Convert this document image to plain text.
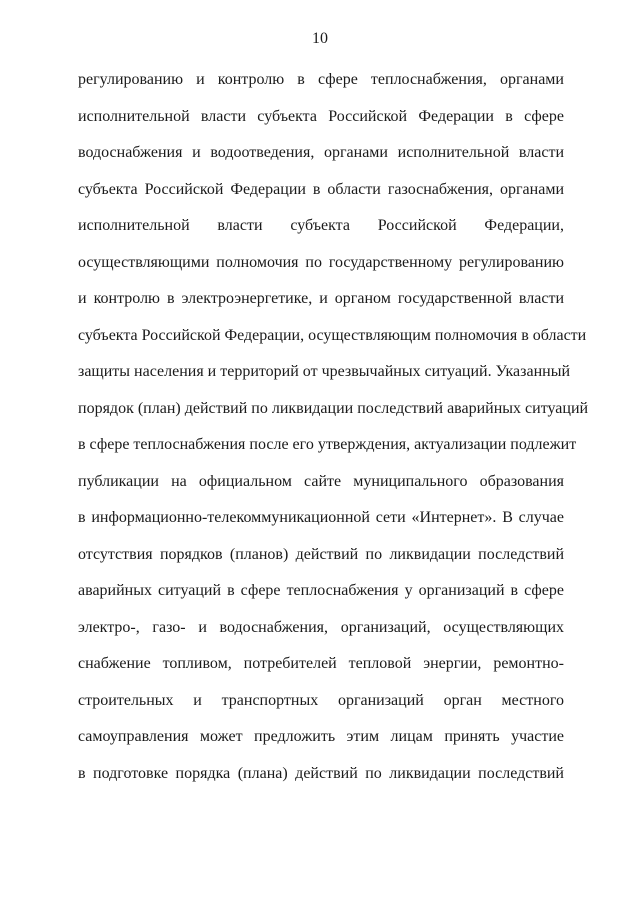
10
регулированию и контролю в сфере теплоснабжения, органами
исполнительной власти субъекта Российской Федерации в сфере
водоснабжения и водоотведения, органами исполнительной власти
субъекта Российской Федерации в области газоснабжения, органами
исполнительной власти субъекта Российской Федерации,
осуществляющими полномочия по государственному регулированию
и контролю в электроэнергетике, и органом государственной власти
субъекта Российской Федерации, осуществляющим полномочия в области
защиты населения и территорий от чрезвычайных ситуаций. Указанный
порядок (план) действий по ликвидации последствий аварийных ситуаций
в сфере теплоснабжения после его утверждения, актуализации подлежит
публикации на официальном сайте муниципального образования
в информационно-телекоммуникационной сети «Интернет». В случае
отсутствия порядков (планов) действий по ликвидации последствий
аварийных ситуаций в сфере теплоснабжения у организаций в сфере
электро-, газо- и водоснабжения, организаций, осуществляющих
снабжение топливом, потребителей тепловой энергии, ремонтно-
строительных и транспортных организаций орган местного
самоуправления может предложить этим лицам принять участие
в подготовке порядка (плана) действий по ликвидации последствий
